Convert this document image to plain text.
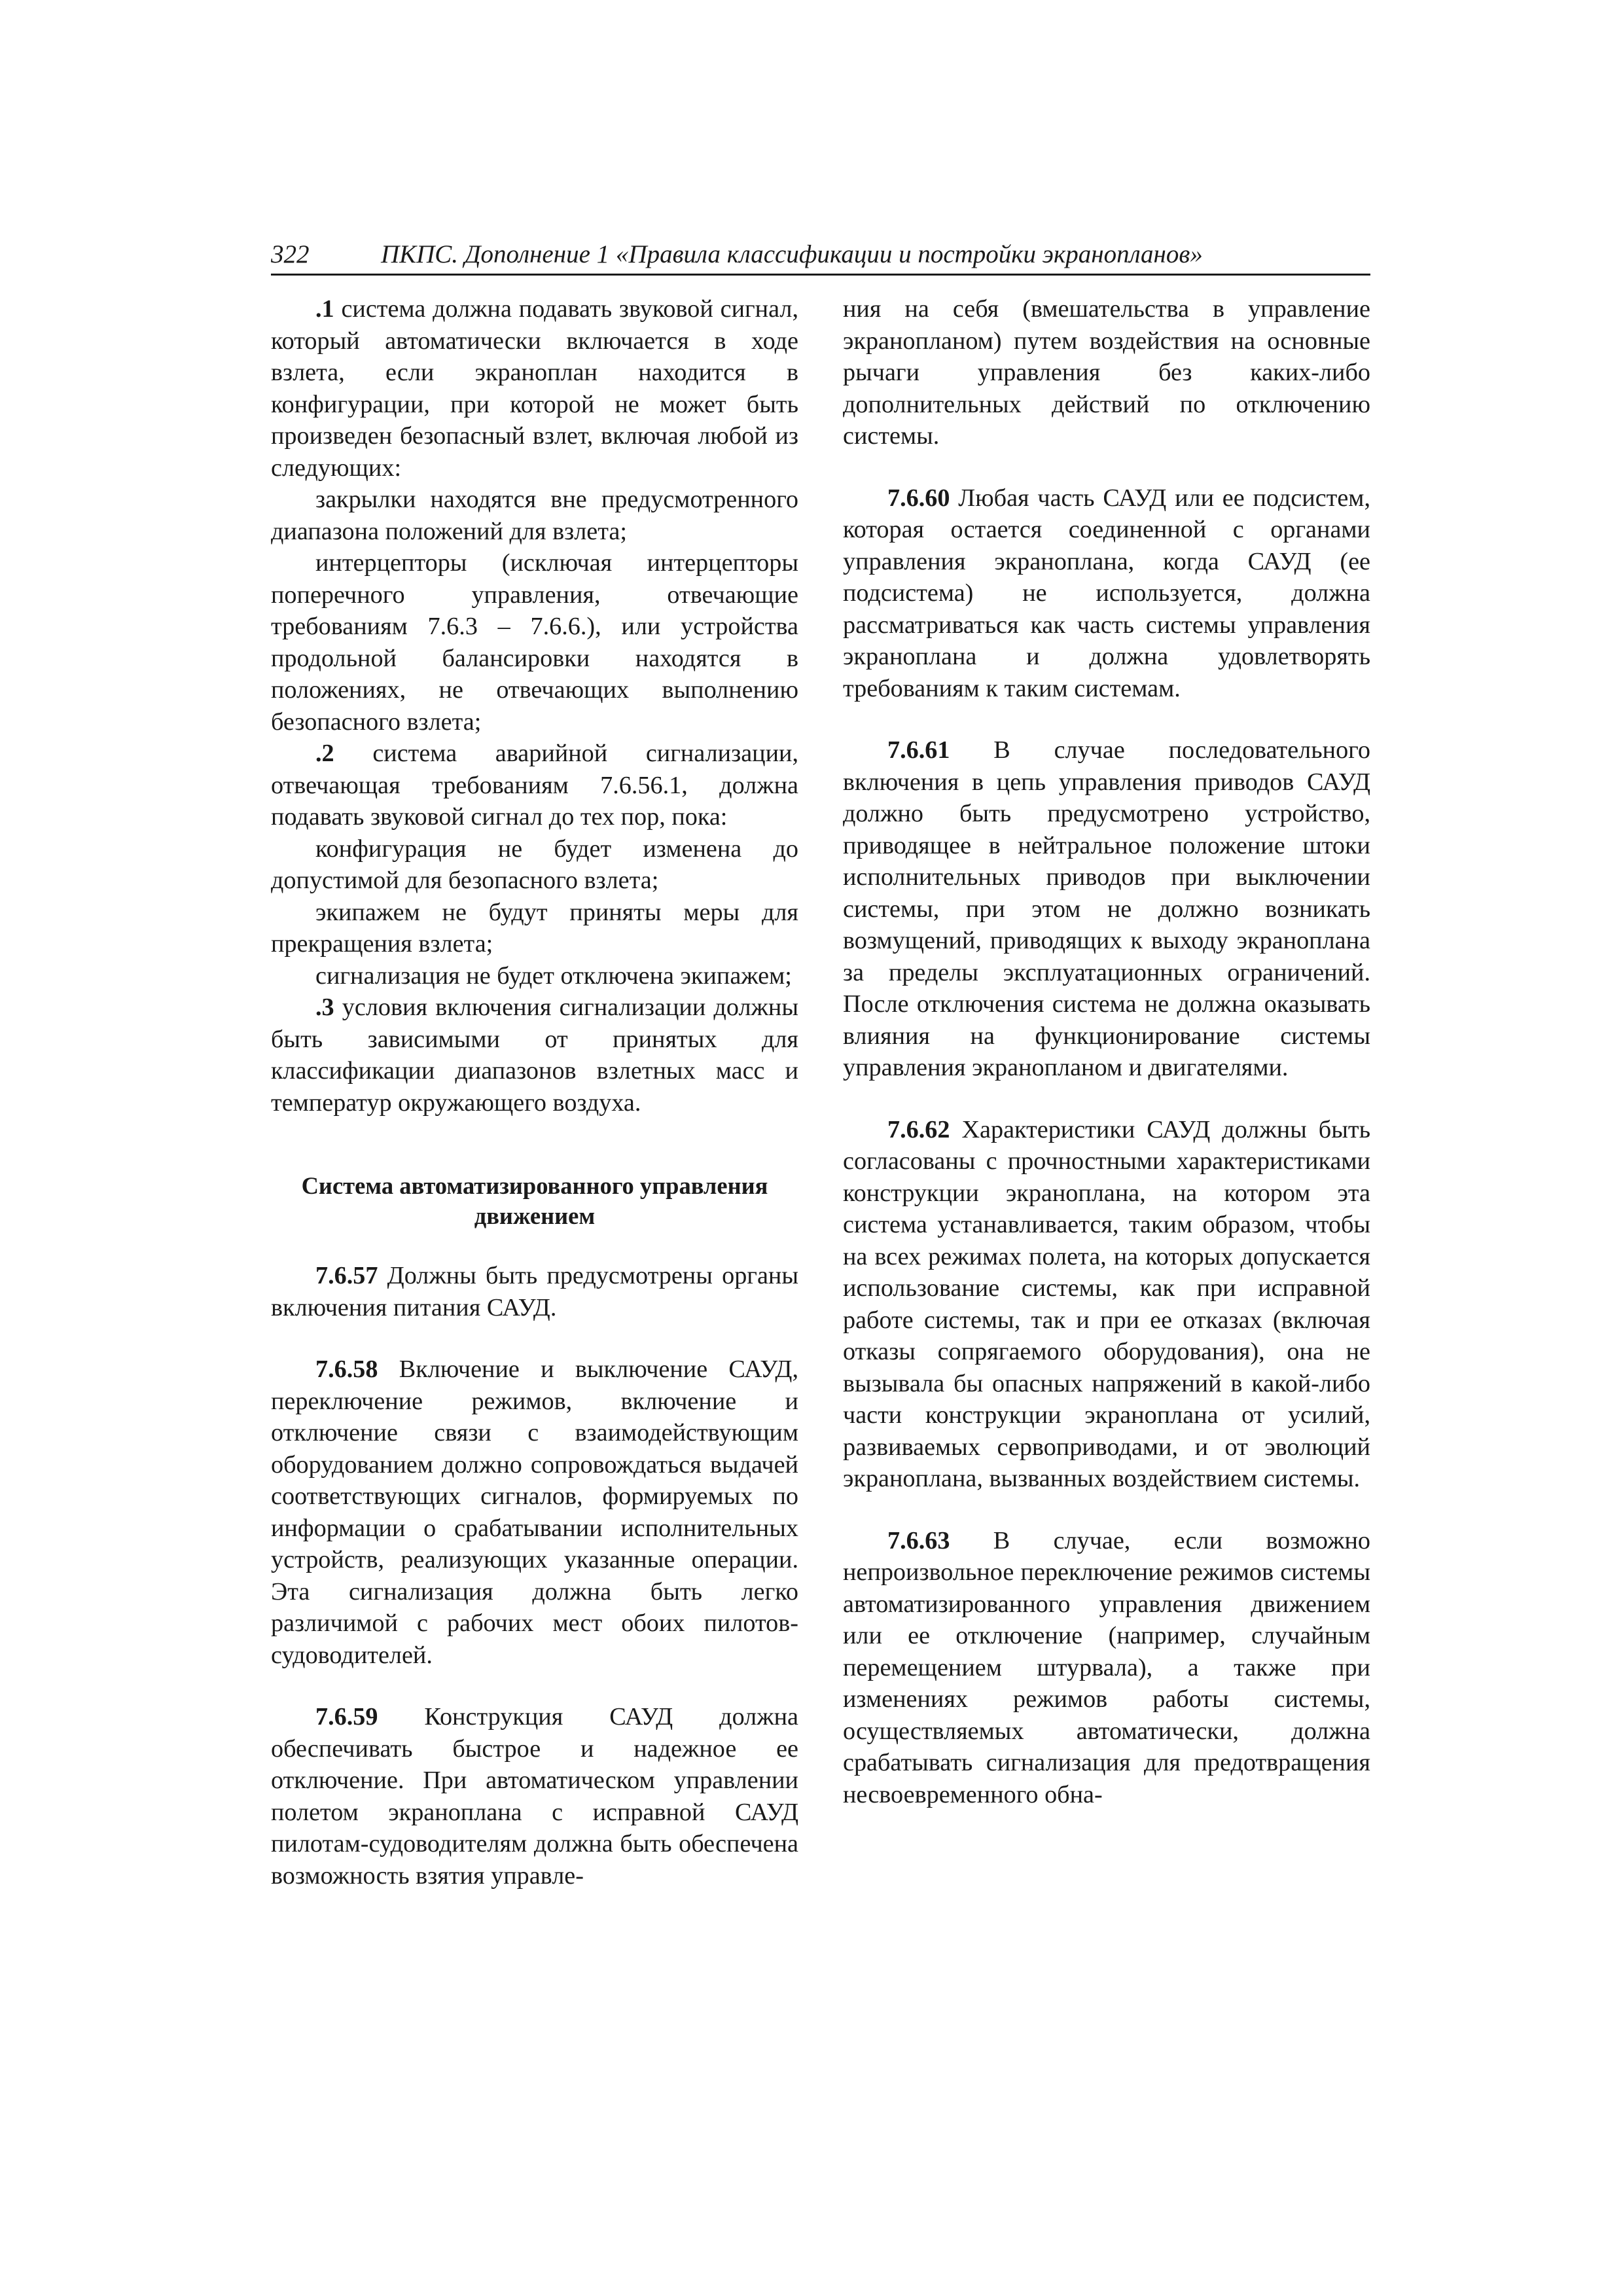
322	ПКПС. Дополнение 1 «Правила классификации и постройки экранопланов»

.1 система должна подавать звуковой сигнал, который автоматически включается в ходе взлета, если экраноплан находится в конфигурации, при которой не может быть произведен безопасный взлет, включая любой из следующих:

закрылки находятся вне предусмотренного диапазона положений для взлета;

интерцепторы (исключая интерцепторы поперечного управления, отвечающие требованиям 7.6.3 – 7.6.6.), или устройства продольной балансировки находятся в положениях, не отвечающих выполнению безопасного взлета;

.2 система аварийной сигнализации, отвечающая требованиям 7.6.56.1, должна подавать звуковой сигнал до тех пор, пока:

конфигурация не будет изменена до допустимой для безопасного взлета;

экипажем не будут приняты меры для прекращения взлета;

сигнализация не будет отключена экипажем;

.3 условия включения сигнализации должны быть зависимыми от принятых для классификации диапазонов взлетных масс и температур окружающего воздуха.

Система автоматизированного управления движением

7.6.57 Должны быть предусмотрены органы включения питания САУД.

7.6.58 Включение и выключение САУД, переключение режимов, включение и отключение связи с взаимодействующим оборудованием должно сопровождаться выдачей соответствующих сигналов, формируемых по информации о срабатывании исполнительных устройств, реализующих указанные операции. Эта сигнализация должна быть легко различимой с рабочих мест обоих пилотов-судоводителей.

7.6.59 Конструкция САУД должна обеспечивать быстрое и надежное ее отключение. При автоматическом управлении полетом экраноплана с исправной САУД пилотам-судоводителям должна быть обеспечена возможность взятия управле-

ния на себя (вмешательства в управление экранопланом) путем воздействия на основные рычаги управления без каких-либо дополнительных действий по отключению системы.

7.6.60 Любая часть САУД или ее подсистем, которая остается соединенной с органами управления экраноплана, когда САУД (ее подсистема) не используется, должна рассматриваться как часть системы управления экраноплана и должна удовлетворять требованиям к таким системам.

7.6.61 В случае последовательного включения в цепь управления приводов САУД должно быть предусмотрено устройство, приводящее в нейтральное положение штоки исполнительных приводов при выключении системы, при этом не должно возникать возмущений, приводящих к выходу экраноплана за пределы эксплуатационных ограничений. После отключения система не должна оказывать влияния на функционирование системы управления экранопланом и двигателями.

7.6.62 Характеристики САУД должны быть согласованы с прочностными характеристиками конструкции экраноплана, на котором эта система устанавливается, таким образом, чтобы на всех режимах полета, на которых допускается использование системы, как при исправной работе системы, так и при ее отказах (включая отказы сопрягаемого оборудования), она не вызывала бы опасных напряжений в какой-либо части конструкции экраноплана от усилий, развиваемых сервоприводами, и от эволюций экраноплана, вызванных воздействием системы.

7.6.63 В случае, если возможно непроизвольное переключение режимов системы автоматизированного управления движением или ее отключение (например, случайным перемещением штурвала), а также при изменениях режимов работы системы, осуществляемых автоматически, должна срабатывать сигнализация для предотвращения несвоевременного обна-
